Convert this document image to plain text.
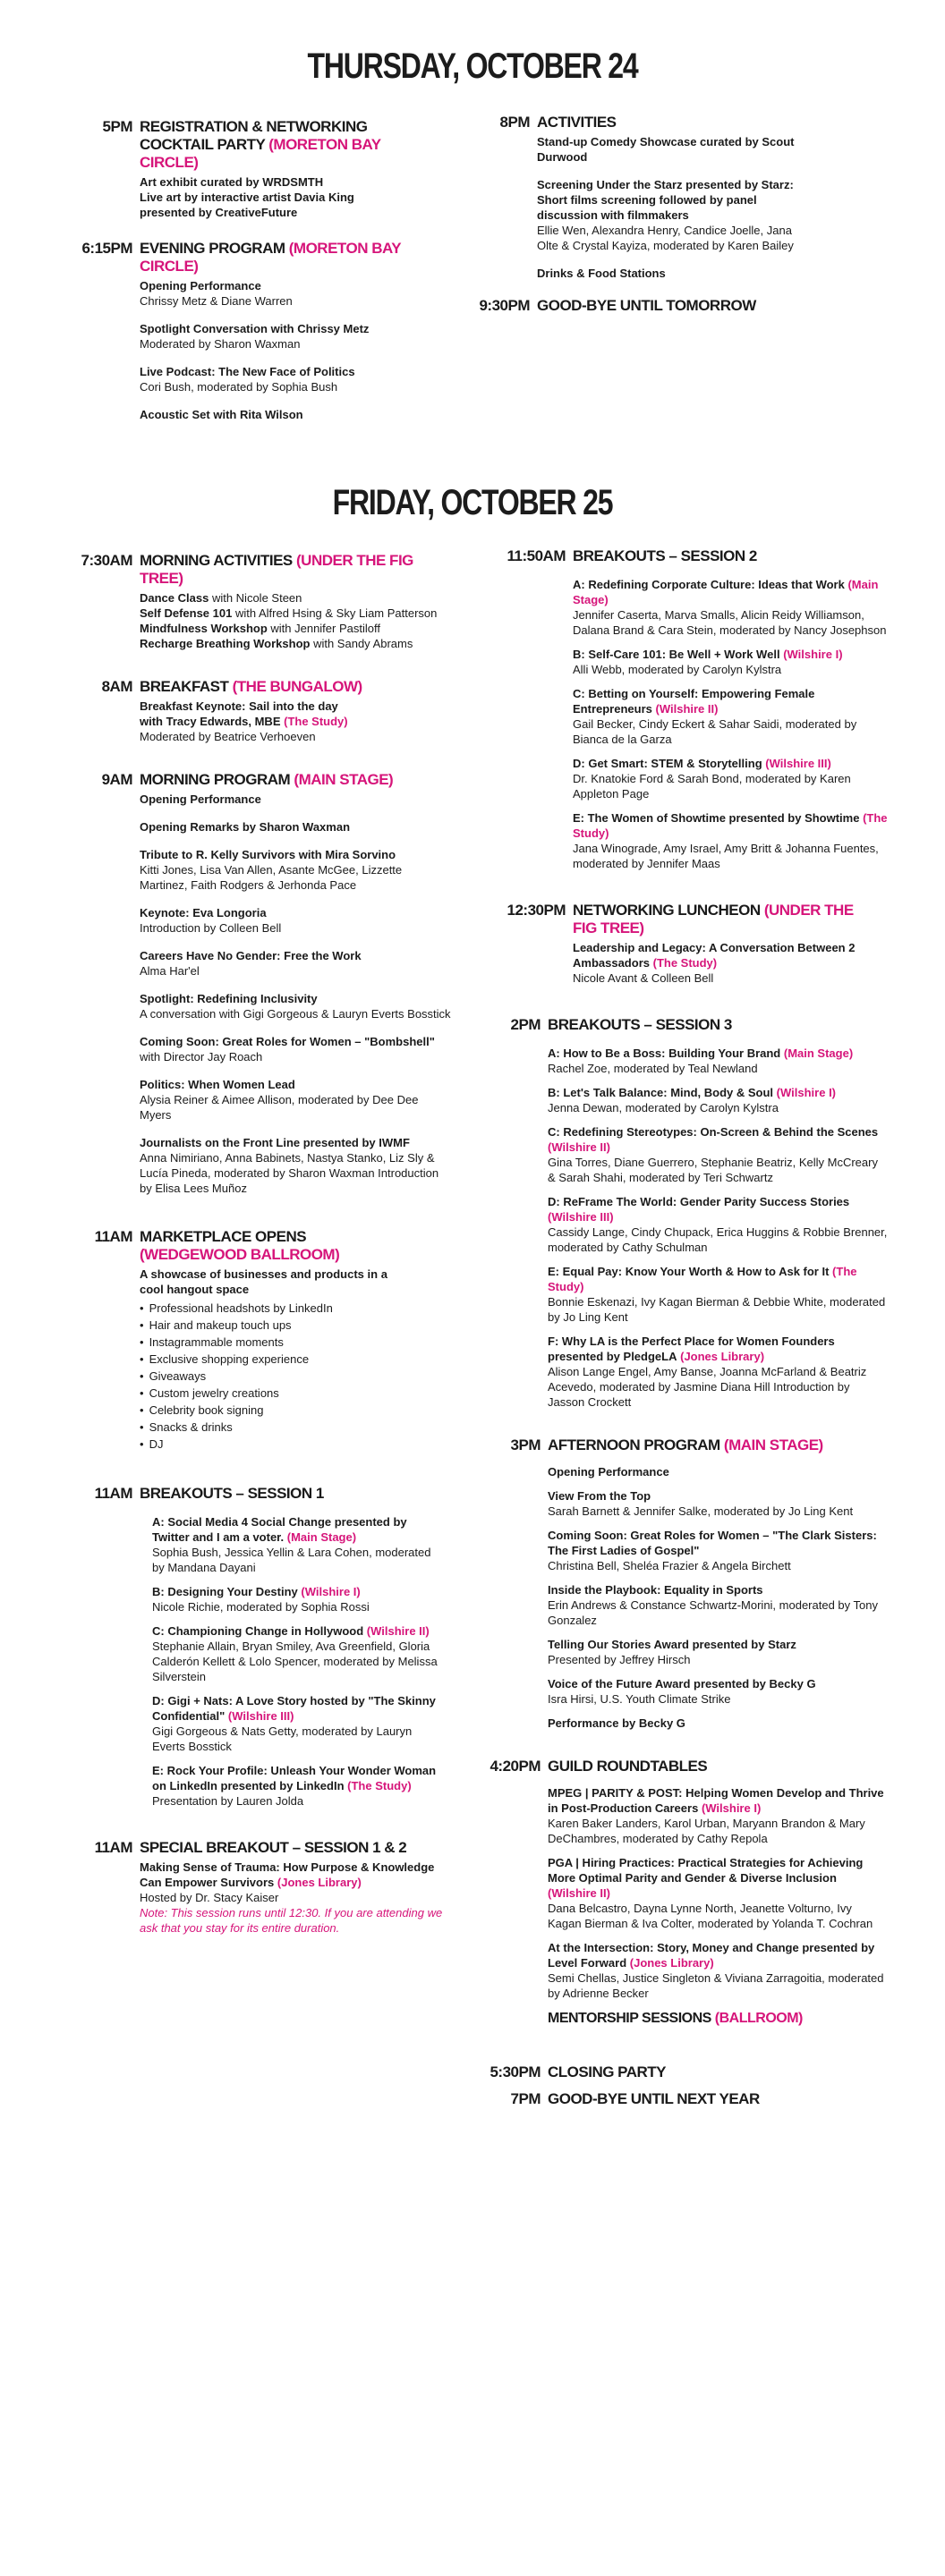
THURSDAY, OCTOBER 24
5PM REGISTRATION & NETWORKING COCKTAIL PARTY (MORETON BAY CIRCLE)
Art exhibit curated by WRDSMTH
Live art by interactive artist Davia King
presented by CreativeFuture
6:15PM EVENING PROGRAM (MORETON BAY CIRCLE)
Opening Performance
Chrissy Metz & Diane Warren
Spotlight Conversation with Chrissy Metz
Moderated by Sharon Waxman
Live Podcast: The New Face of Politics
Cori Bush, moderated by Sophia Bush
Acoustic Set with Rita Wilson
8PM ACTIVITIES
Stand-up Comedy Showcase curated by Scout Durwood
Screening Under the Starz presented by Starz: Short films screening followed by panel discussion with filmmakers
Ellie Wen, Alexandra Henry, Candice Joelle, Jana Olte & Crystal Kayiza, moderated by Karen Bailey
Drinks & Food Stations
9:30PM GOOD-BYE UNTIL TOMORROW
FRIDAY, OCTOBER 25
7:30AM MORNING ACTIVITIES (UNDER THE FIG TREE)
Dance Class with Nicole Steen
Self Defense 101 with Alfred Hsing & Sky Liam Patterson
Mindfulness Workshop with Jennifer Pastiloff
Recharge Breathing Workshop with Sandy Abrams
8AM BREAKFAST (THE BUNGALOW)
Breakfast Keynote: Sail into the day
with Tracy Edwards, MBE (The Study)
Moderated by Beatrice Verhoeven
9AM MORNING PROGRAM (MAIN STAGE)
Opening Performance
Opening Remarks by Sharon Waxman
Tribute to R. Kelly Survivors with Mira Sorvino
Kitti Jones, Lisa Van Allen, Asante McGee, Lizzette Martinez, Faith Rodgers & Jerhonda Pace
Keynote: Eva Longoria
Introduction by Colleen Bell
Careers Have No Gender: Free the Work
Alma Har'el
Spotlight: Redefining Inclusivity
A conversation with Gigi Gorgeous & Lauryn Everts Bosstick
Coming Soon: Great Roles for Women – "Bombshell"
with Director Jay Roach
Politics: When Women Lead
Alysia Reiner & Aimee Allison, moderated by Dee Dee Myers
Journalists on the Front Line presented by IWMF
Anna Nimiriano, Anna Babinets, Nastya Stanko, Liz Sly & Lucía Pineda, moderated by Sharon Waxman Introduction by Elisa Lees Muñoz
11AM MARKETPLACE OPENS (WEDGEWOOD BALLROOM)
A showcase of businesses and products in a cool hangout space
• Professional headshots by LinkedIn
• Hair and makeup touch ups
• Instagrammable moments
• Exclusive shopping experience
• Giveaways
• Custom jewelry creations
• Celebrity book signing
• Snacks & drinks
• DJ
11AM BREAKOUTS – SESSION 1
A: Social Media 4 Social Change presented by Twitter and I am a voter. (Main Stage)
Sophia Bush, Jessica Yellin & Lara Cohen, moderated by Mandana Dayani
B: Designing Your Destiny (Wilshire I)
Nicole Richie, moderated by Sophia Rossi
C: Championing Change in Hollywood (Wilshire II)
Stephanie Allain, Bryan Smiley, Ava Greenfield, Gloria Calderón Kellett & Lolo Spencer, moderated by Melissa Silverstein
D: Gigi + Nats: A Love Story hosted by "The Skinny Confidential" (Wilshire III)
Gigi Gorgeous & Nats Getty, moderated by Lauryn Everts Bosstick
E: Rock Your Profile: Unleash Your Wonder Woman on LinkedIn presented by LinkedIn (The Study)
Presentation by Lauren Jolda
11AM SPECIAL BREAKOUT – SESSION 1 & 2
Making Sense of Trauma: How Purpose & Knowledge Can Empower Survivors (Jones Library)
Hosted by Dr. Stacy Kaiser
Note: This session runs until 12:30. If you are attending we ask that you stay for its entire duration.
11:50AM BREAKOUTS – SESSION 2
A: Redefining Corporate Culture: Ideas that Work (Main Stage)
Jennifer Caserta, Marva Smalls, Alicin Reidy Williamson, Dalana Brand & Cara Stein, moderated by Nancy Josephson
B: Self-Care 101: Be Well + Work Well (Wilshire I)
Alli Webb, moderated by Carolyn Kylstra
C: Betting on Yourself: Empowering Female Entrepreneurs (Wilshire II)
Gail Becker, Cindy Eckert & Sahar Saidi, moderated by Bianca de la Garza
D: Get Smart: STEM & Storytelling (Wilshire III)
Dr. Knatokie Ford & Sarah Bond, moderated by Karen Appleton Page
E: The Women of Showtime presented by Showtime (The Study)
Jana Winograde, Amy Israel, Amy Britt & Johanna Fuentes, moderated by Jennifer Maas
12:30PM NETWORKING LUNCHEON (UNDER THE FIG TREE)
Leadership and Legacy: A Conversation Between 2 Ambassadors (The Study)
Nicole Avant & Colleen Bell
2PM BREAKOUTS – SESSION 3
A: How to Be a Boss: Building Your Brand (Main Stage)
Rachel Zoe, moderated by Teal Newland
B: Let's Talk Balance: Mind, Body & Soul (Wilshire I)
Jenna Dewan, moderated by Carolyn Kylstra
C: Redefining Stereotypes: On-Screen & Behind the Scenes (Wilshire II)
Gina Torres, Diane Guerrero, Stephanie Beatriz, Kelly McCreary & Sarah Shahi, moderated by Teri Schwartz
D: ReFrame The World: Gender Parity Success Stories (Wilshire III)
Cassidy Lange, Cindy Chupack, Erica Huggins & Robbie Brenner, moderated by Cathy Schulman
E: Equal Pay: Know Your Worth & How to Ask for It (The Study)
Bonnie Eskenazi, Ivy Kagan Bierman & Debbie White, moderated by Jo Ling Kent
F: Why LA is the Perfect Place for Women Founders presented by PledgeLA (Jones Library)
Alison Lange Engel, Amy Banse, Joanna McFarland & Beatriz Acevedo, moderated by Jasmine Diana Hill Introduction by Jasson Crockett
3PM AFTERNOON PROGRAM (MAIN STAGE)
Opening Performance
View From the Top
Sarah Barnett & Jennifer Salke, moderated by Jo Ling Kent
Coming Soon: Great Roles for Women – "The Clark Sisters: The First Ladies of Gospel"
Christina Bell, Sheléa Frazier & Angela Birchett
Inside the Playbook: Equality in Sports
Erin Andrews & Constance Schwartz-Morini, moderated by Tony Gonzalez
Telling Our Stories Award presented by Starz
Presented by Jeffrey Hirsch
Voice of the Future Award presented by Becky G
Isra Hirsi, U.S. Youth Climate Strike
Performance by Becky G
4:20PM GUILD ROUNDTABLES
MPEG | PARITY & POST: Helping Women Develop and Thrive in Post-Production Careers (Wilshire I)
Karen Baker Landers, Karol Urban, Maryann Brandon & Mary DeChambres, moderated by Cathy Repola
PGA | Hiring Practices: Practical Strategies for Achieving More Optimal Parity and Gender & Diverse Inclusion (Wilshire II)
Dana Belcastro, Dayna Lynne North, Jeanette Volturno, Ivy Kagan Bierman & Iva Colter, moderated by Yolanda T. Cochran
At the Intersection: Story, Money and Change presented by Level Forward (Jones Library)
Semi Chellas, Justice Singleton & Viviana Zarragoitia, moderated by Adrienne Becker
MENTORSHIP SESSIONS (BALLROOM)
5:30PM CLOSING PARTY
7PM GOOD-BYE UNTIL NEXT YEAR
